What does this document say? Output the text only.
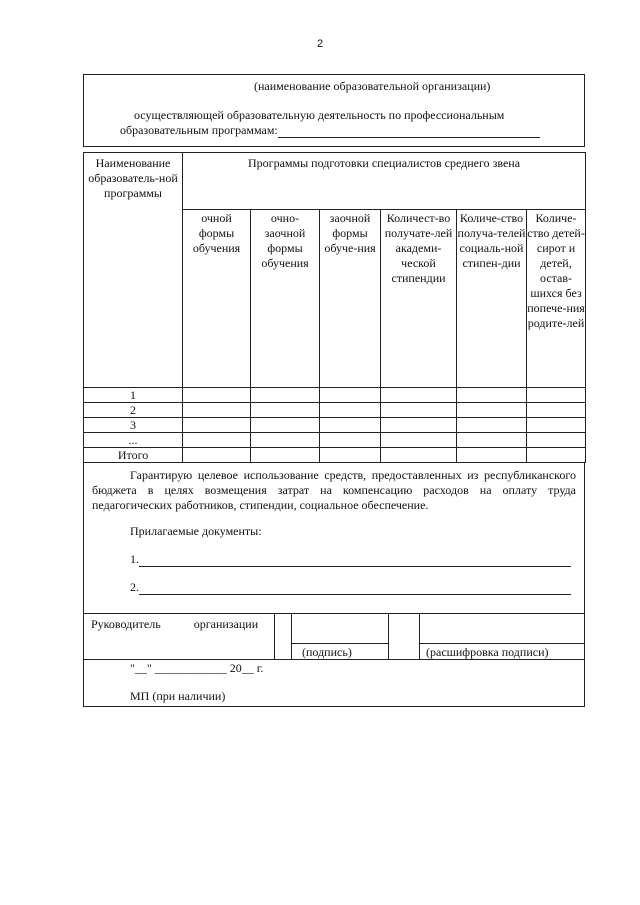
2
(наименование образовательной организации)
осуществляющей образовательную деятельность по профессиональным
образовательным программам:
Наименование образователь-ной программы	Программы подготовки специалистов среднего звена					
	очной формы обучения	очно-заочной формы обучения	заочной формы обуче-ния	Количест-во получате-лей академи-ческой стипендии	Количе-ство получа-телей социаль-ной стипен-дии	Количе-ство детей-сирот и детей, остав-шихся без попече-ния родите-лей
1						
2						
3						
...						
Итого						
Гарантирую целевое использование средств, предоставленных из республиканского бюджета в целях возмещения затрат на компенсацию расходов на оплату труда педагогических работников, стипендии, социальное обеспечение.
Прилагаемые документы:
1.
2.
Руководитель организации
(подпись)	(расшифровка подписи)
"__" ____________ 20__ г.
МП (при наличии)
